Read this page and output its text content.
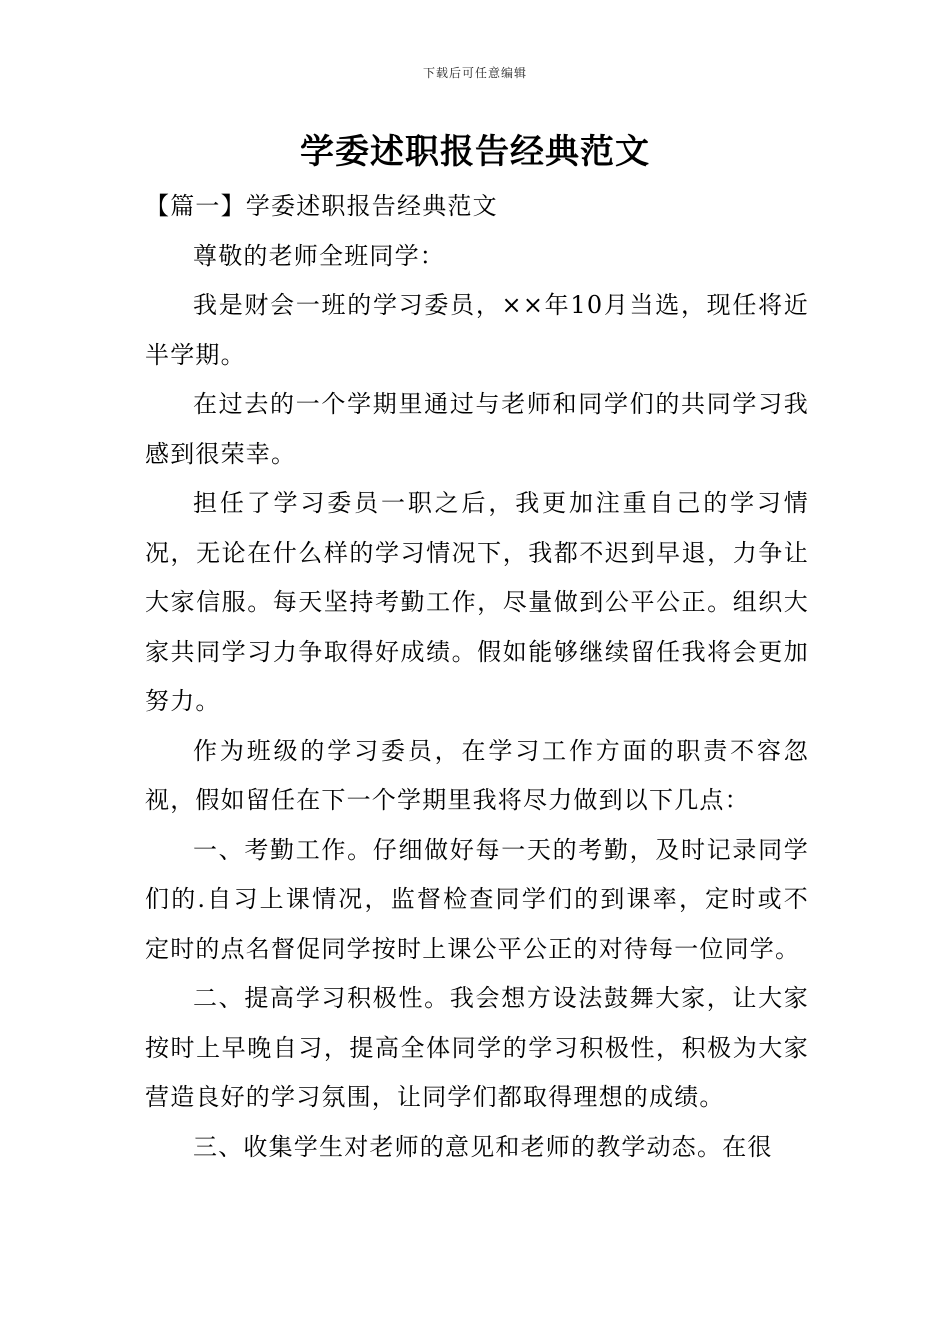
下载后可任意编辑
学委述职报告经典范文

【篇一】学委述职报告经典范文

尊敬的老师全班同学：

我是财会一班的学习委员，××年10月当选，现任将近半学期。

在过去的一个学期里通过与老师和同学们的共同学习我感到很荣幸。

担任了学习委员一职之后，我更加注重自己的学习情况，无论在什么样的学习情况下，我都不迟到早退，力争让大家信服。每天坚持考勤工作，尽量做到公平公正。组织大家共同学习力争取得好成绩。假如能够继续留任我将会更加努力。

作为班级的学习委员，在学习工作方面的职责不容忽视，假如留任在下一个学期里我将尽力做到以下几点：

一、考勤工作。仔细做好每一天的考勤，及时记录同学们的.自习上课情况，监督检查同学们的到课率，定时或不定时的点名督促同学按时上课公平公正的对待每一位同学。

二、提高学习积极性。我会想方设法鼓舞大家，让大家按时上早晚自习，提高全体同学的学习积极性，积极为大家营造良好的学习氛围，让同学们都取得理想的成绩。

三、收集学生对老师的意见和老师的教学动态。在很
